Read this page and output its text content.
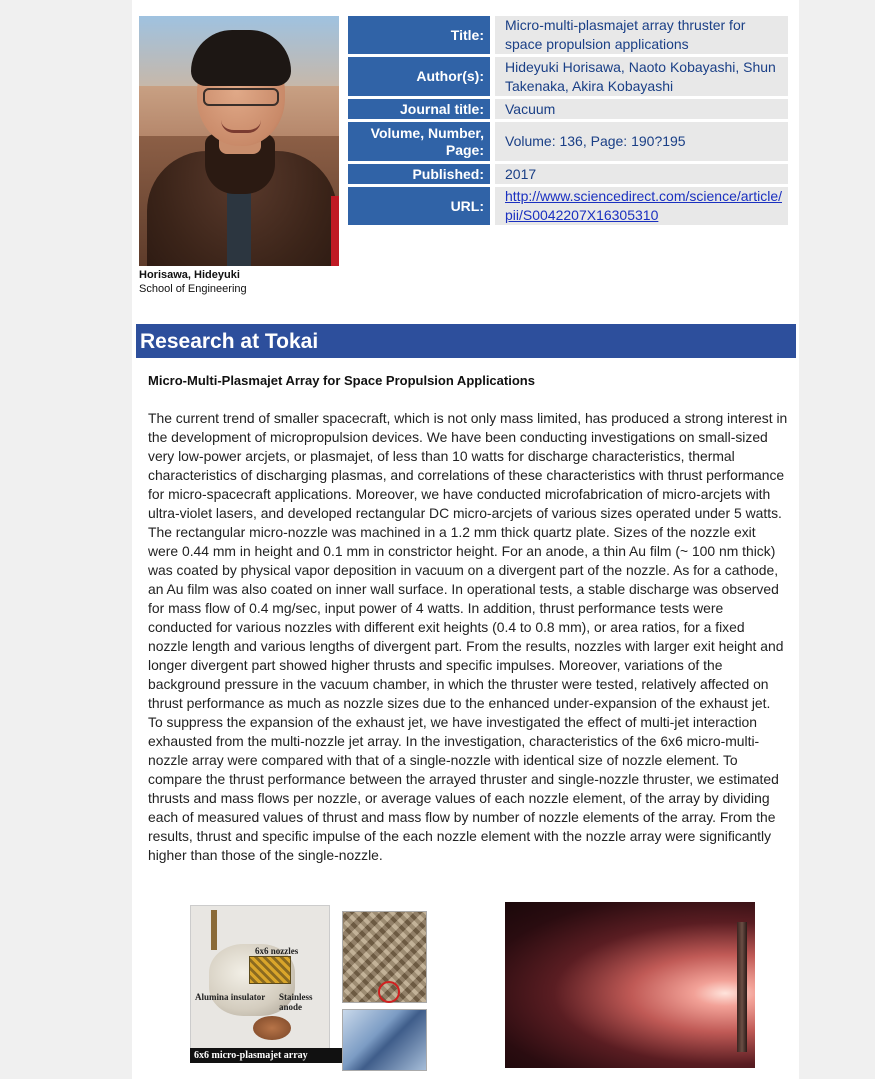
Horisawa, Hideyuki
School of Engineering
Title:
Micro-multi-plasmajet array thruster for space propulsion applications
Author(s):
Hideyuki Horisawa, Naoto Kobayashi, Shun Takenaka, Akira Kobayashi
Journal title:	Vacuum
Volume, Number, Page:
Volume: 136, Page: 190?195
Published:	2017
URL:
http://www.sciencedirect.com/science/article/ pii/S0042207X16305310
Research at Tokai
Micro-Multi-Plasmajet Array for Space Propulsion Applications
The current trend of smaller spacecraft, which is not only mass limited, has produced a strong interest in the development of micropropulsion devices. We have been conducting investigations on small-sized very low-power arcjets, or plasmajet, of less than 10 watts for discharge characteristics, thermal characteristics of discharging plasmas, and correlations of these characteristics with thrust performance for micro-spacecraft applications. Moreover, we have conducted microfabrication of micro-arcjets with ultra-violet lasers, and developed rectangular DC micro-arcjets of various sizes operated under 5 watts. The rectangular micro-nozzle was machined in a 1.2 mm thick quartz plate. Sizes of the nozzle exit were 0.44 mm in height and 0.1 mm in constrictor height. For an anode, a thin Au film (~ 100 nm thick) was coated by physical vapor deposition in vacuum on a divergent part of the nozzle. As for a cathode, an Au film was also coated on inner wall surface. In operational tests, a stable discharge was observed for mass flow of 0.4 mg/sec, input power of 4 watts. In addition, thrust performance tests were conducted for various nozzles with different exit heights (0.4 to 0.8 mm), or area ratios, for a fixed nozzle length and various lengths of divergent part. From the results, nozzles with larger exit height and longer divergent part showed higher thrusts and specific impulses. Moreover, variations of the background pressure in the vacuum chamber, in which the thruster were tested, relatively affected on thrust performance as much as nozzle sizes due to the enhanced under-expansion of the exhaust jet. To suppress the expansion of the exhaust jet, we have investigated the effect of multi-jet interaction exhausted from the multi-nozzle jet array. In the investigation, characteristics of the 6x6 micro-multi-nozzle array were compared with that of a single-nozzle with identical size of nozzle element. To compare the thrust performance between the arrayed thruster and single-nozzle thruster, we estimated thrusts and mass flows per nozzle, or average values of each nozzle element, of the array by dividing each of measured values of thrust and mass flow by number of nozzle elements of the array. From the results, thrust and specific impulse of the each nozzle element with the nozzle array were significantly higher than those of the single-nozzle.
6x6 nozzles
Alumina insulator Stainless anode
6x6 micro-plasmajet array thruster
